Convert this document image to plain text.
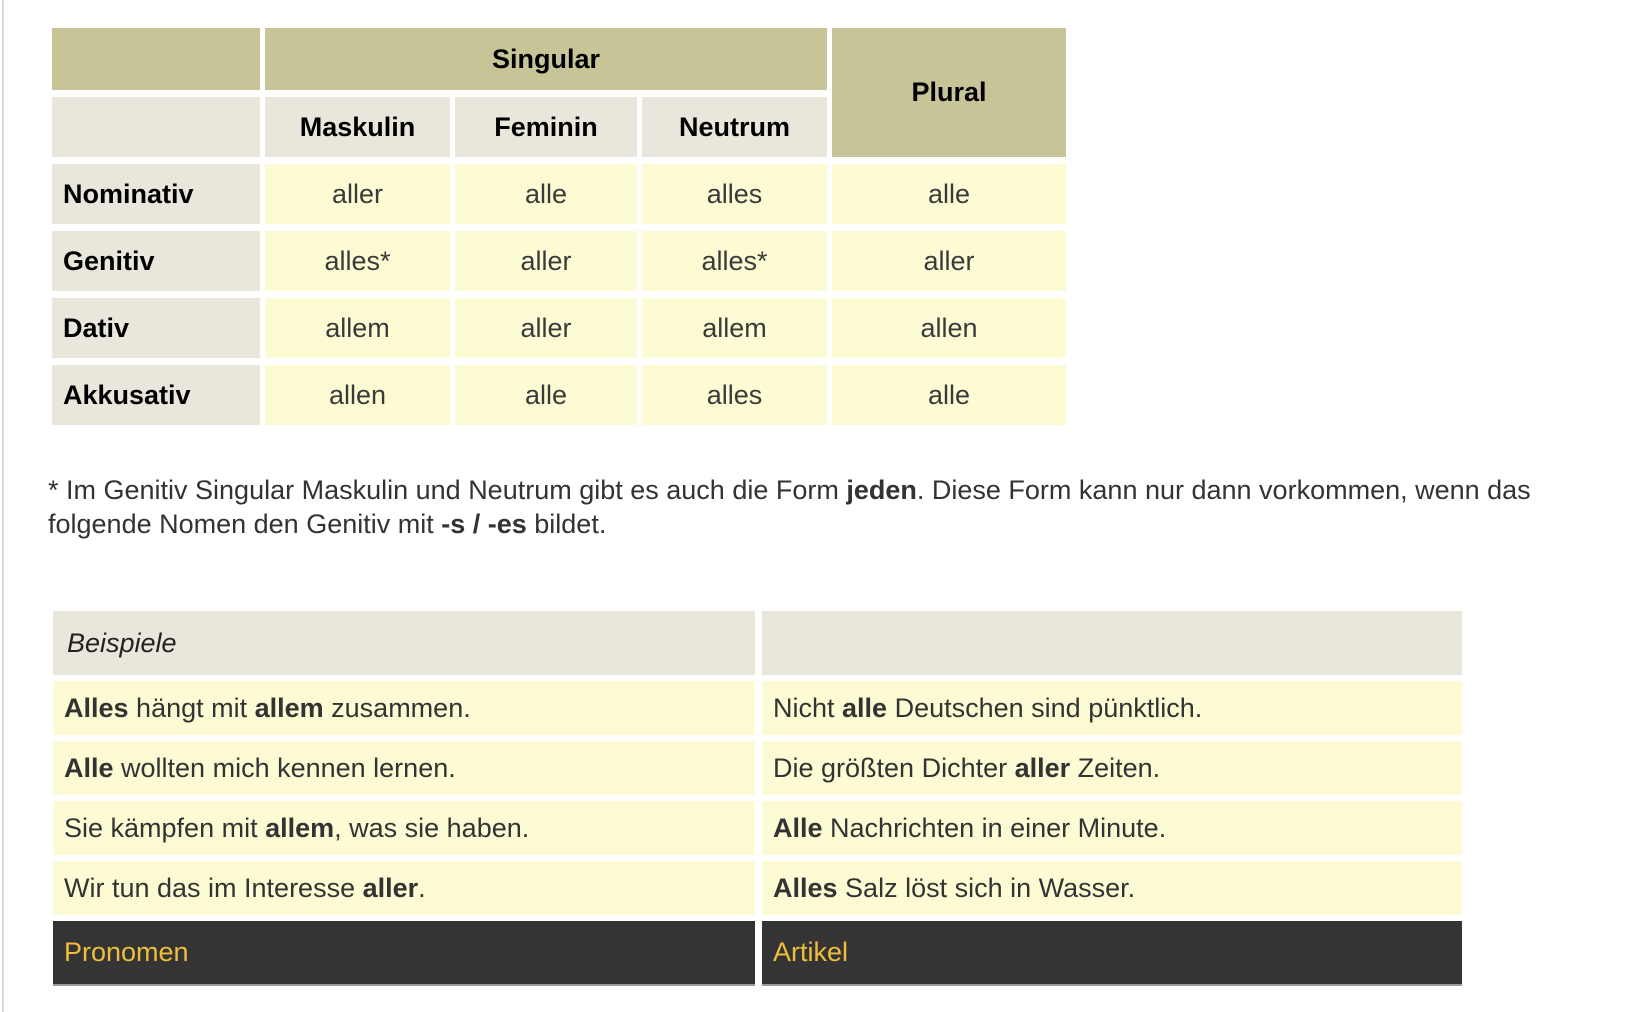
	Singular			Plural
	Maskulin	Feminin	Neutrum	
Nominativ	aller	alle	alles	alle
Genitiv	alles*	aller	alles*	aller
Dativ	allem	aller	allem	allen
Akkusativ	allen	alle	alles	alle

* Im Genitiv Singular Maskulin und Neutrum gibt es auch die Form jeden. Diese Form kann nur dann vorkommen, wenn das folgende Nomen den Genitiv mit -s / -es bildet.

Beispiele	
Alles hängt mit allem zusammen.	Nicht alle Deutschen sind pünktlich.
Alle wollten mich kennen lernen.	Die größten Dichter aller Zeiten.
Sie kämpfen mit allem, was sie haben.	Alle Nachrichten in einer Minute.
Wir tun das im Interesse aller.	Alles Salz löst sich in Wasser.
Pronomen	Artikel
